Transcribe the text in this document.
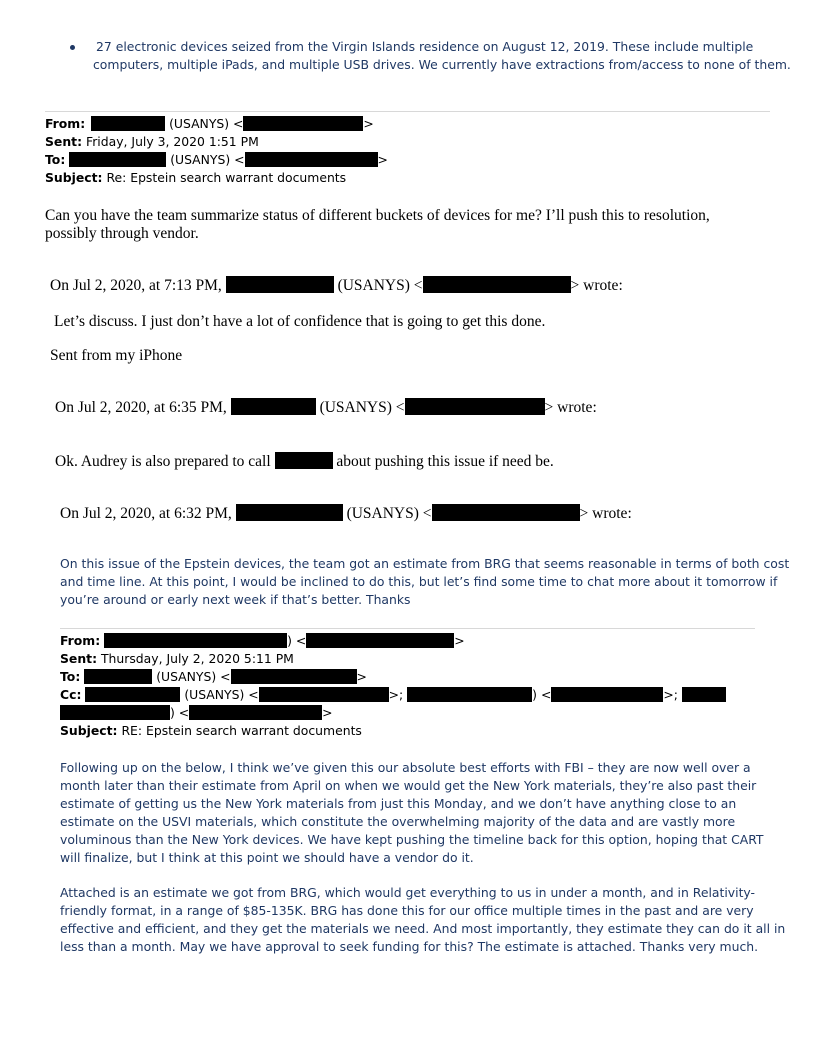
27 electronic devices seized from the Virgin Islands residence on August 12, 2019. These include multiple
computers, multiple iPads, and multiple USB drives. We currently have extractions from/access to none of them.
From:	(USANYS) <	>
Sent: Friday, July 3, 2020 1:51 PM
To:	(USANYS) <	>
Subject: Re: Epstein search warrant documents
Can you have the team summarize status of different buckets of devices for me? I’ll push this to resolution,
possibly through vendor.
On Jul 2, 2020, at 7:13 PM,	(USANYS) <	> wrote:
Let’s discuss. I just don’t have a lot of confidence that is going to get this done.
Sent from my iPhone
On Jul 2, 2020, at 6:35 PM,	(USANYS) <	> wrote:
Ok. Audrey is also prepared to call	about pushing this issue if need be.
On Jul 2, 2020, at 6:32 PM,	(USANYS) <	> wrote:
On this issue of the Epstein devices, the team got an estimate from BRG that seems reasonable in terms of both cost
and time line. At this point, I would be inclined to do this, but let’s find some time to chat more about it tomorrow if
you’re around or early next week if that’s better. Thanks
From:	) <	>
Sent: Thursday, July 2, 2020 5:11 PM
To:	(USANYS) <	>
Cc:	(USANYS) <	>;	) <	>;
) <	>
Subject: RE: Epstein search warrant documents
Following up on the below, I think we’ve given this our absolute best efforts with FBI – they are now well over a
month later than their estimate from April on when we would get the New York materials, they’re also past their
estimate of getting us the New York materials from just this Monday, and we don’t have anything close to an
estimate on the USVI materials, which constitute the overwhelming majority of the data and are vastly more
voluminous than the New York devices. We have kept pushing the timeline back for this option, hoping that CART
will finalize, but I think at this point we should have a vendor do it.
Attached is an estimate we got from BRG, which would get everything to us in under a month, and in Relativity-
friendly format, in a range of $85-135K. BRG has done this for our office multiple times in the past and are very
effective and efficient, and they get the materials we need. And most importantly, they estimate they can do it all in
less than a month. May we have approval to seek funding for this? The estimate is attached. Thanks very much.
